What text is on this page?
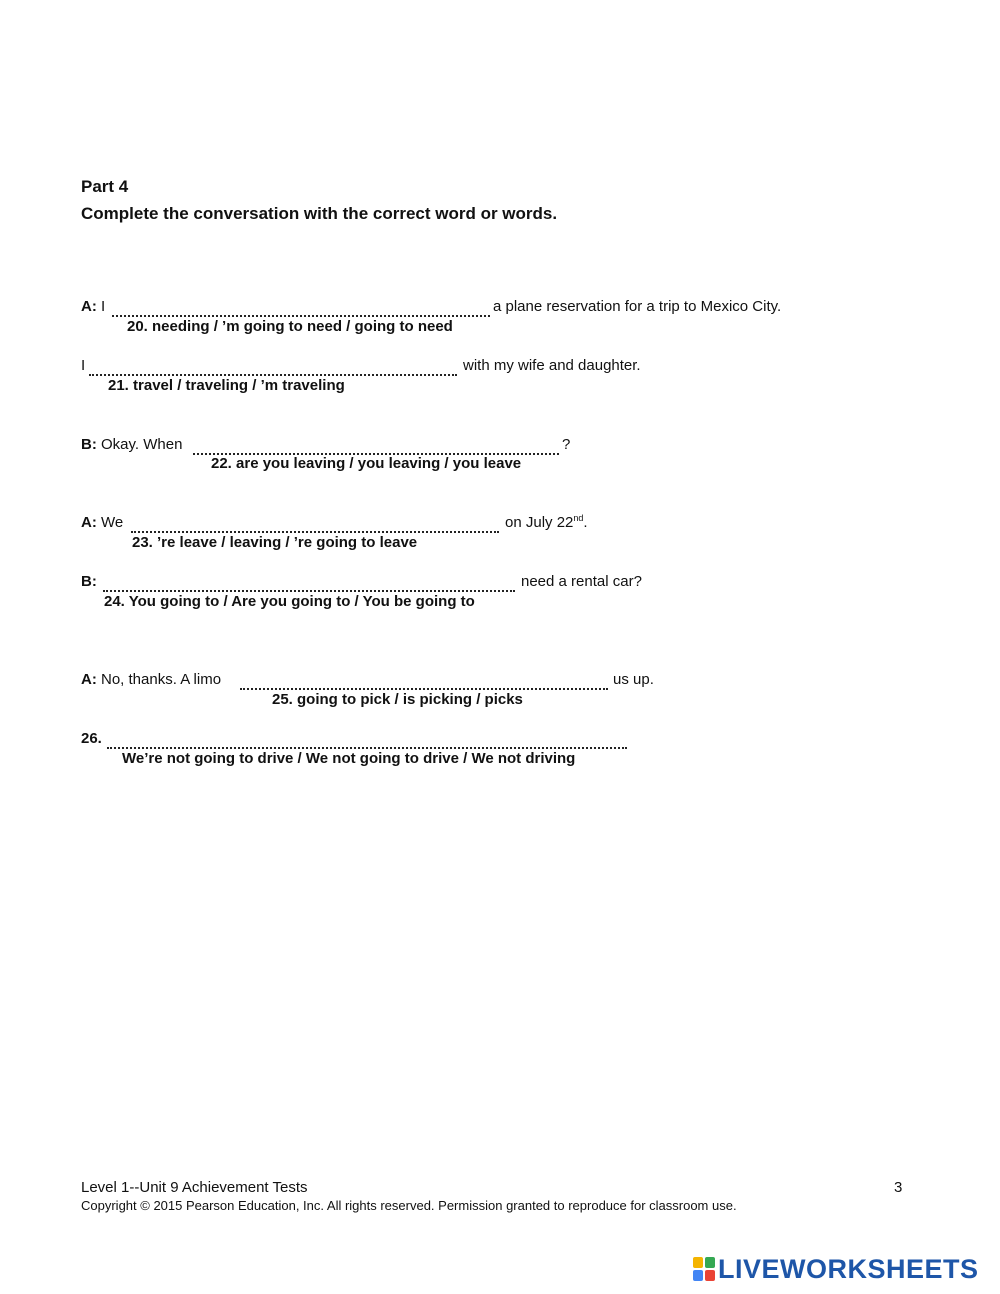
Part 4
Complete the conversation with the correct word or words.
A: I	a plane reservation for a trip to Mexico City.
20. needing / ’m going to need / going to need
I	with my wife and daughter.
21. travel / traveling / ’m traveling
B: Okay. When	?
22. are you leaving / you leaving / you leave
A: We	on July 22nd.
23. ’re leave / leaving / ’re going to leave
B:	need a rental car?
24. You going to / Are you going to / You be going to
A: No, thanks. A limo	us up.
25. going to pick / is picking / picks
26.
We’re not going to drive / We not going to drive / We not driving
Level 1--Unit 9 Achievement Tests	3
Copyright © 2015 Pearson Education, Inc. All rights reserved. Permission granted to reproduce for classroom use.
LIVEWORKSHEETS
